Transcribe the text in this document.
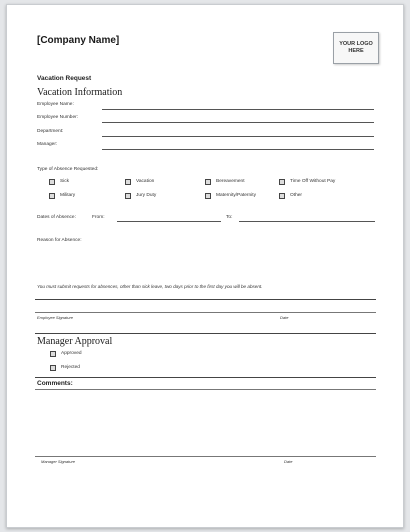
[Company Name]	YOUR LOGO HERE
Vacation Request
Vacation Information
Employee Name:
Employee Number:
Department:
Manager:
Type of Absence Requested:
Sick	Vacation	Bereavement	Time Off Without Pay
Military	Jury Duty	Maternity/Paternity	Other
Dates of Absence:	From:	To:
Reason for Absence:
You must submit requests for absences, other than sick leave, two days prior to the first day you will be absent.
Employee Signature	Date
Manager Approval
Approved
Rejected
Comments:
Manager Signature	Date
